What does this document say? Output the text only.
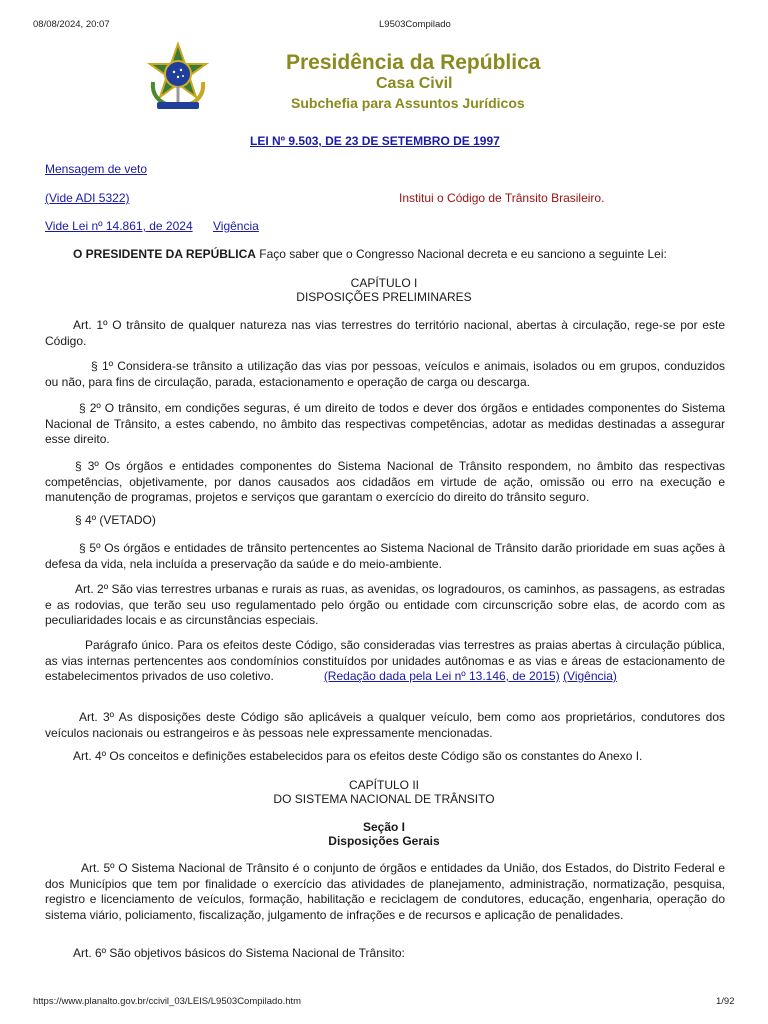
08/08/2024, 20:07	L9503Compilado
Presidência da República
Casa Civil
Subchefia para Assuntos Jurídicos
LEI Nº 9.503, DE 23 DE SETEMBRO DE 1997
Mensagem de veto
(Vide ADI 5322)	Institui o Código de Trânsito Brasileiro.
Vide Lei nº 14.861, de 2024 Vigência
O PRESIDENTE DA REPÚBLICA Faço saber que o Congresso Nacional decreta e eu sanciono a seguinte Lei:
CAPÍTULO I
DISPOSIÇÕES PRELIMINARES
Art. 1º O trânsito de qualquer natureza nas vias terrestres do território nacional, abertas à circulação, rege-se por este Código.
§ 1º Considera-se trânsito a utilização das vias por pessoas, veículos e animais, isolados ou em grupos, conduzidos ou não, para fins de circulação, parada, estacionamento e operação de carga ou descarga.
§ 2º O trânsito, em condições seguras, é um direito de todos e dever dos órgãos e entidades componentes do Sistema Nacional de Trânsito, a estes cabendo, no âmbito das respectivas competências, adotar as medidas destinadas a assegurar esse direito.
§ 3º Os órgãos e entidades componentes do Sistema Nacional de Trânsito respondem, no âmbito das respectivas competências, objetivamente, por danos causados aos cidadãos em virtude de ação, omissão ou erro na execução e manutenção de programas, projetos e serviços que garantam o exercício do direito do trânsito seguro.
§ 4º (VETADO)
§ 5º Os órgãos e entidades de trânsito pertencentes ao Sistema Nacional de Trânsito darão prioridade em suas ações à defesa da vida, nela incluída a preservação da saúde e do meio-ambiente.
Art. 2º São vias terrestres urbanas e rurais as ruas, as avenidas, os logradouros, os caminhos, as passagens, as estradas e as rodovias, que terão seu uso regulamentado pelo órgão ou entidade com circunscrição sobre elas, de acordo com as peculiaridades locais e as circunstâncias especiais.
Parágrafo único. Para os efeitos deste Código, são consideradas vias terrestres as praias abertas à circulação pública, as vias internas pertencentes aos condomínios constituídos por unidades autônomas e as vias e áreas de estacionamento de estabelecimentos privados de uso coletivo.	(Redação dada pela Lei nº 13.146, de 2015) (Vigência)
Art. 3º As disposições deste Código são aplicáveis a qualquer veículo, bem como aos proprietários, condutores dos veículos nacionais ou estrangeiros e às pessoas nele expressamente mencionadas.
Art. 4º Os conceitos e definições estabelecidos para os efeitos deste Código são os constantes do Anexo I.
CAPÍTULO II
DO SISTEMA NACIONAL DE TRÂNSITO
Seção I
Disposições Gerais
Art. 5º O Sistema Nacional de Trânsito é o conjunto de órgãos e entidades da União, dos Estados, do Distrito Federal e dos Municípios que tem por finalidade o exercício das atividades de planejamento, administração, normatização, pesquisa, registro e licenciamento de veículos, formação, habilitação e reciclagem de condutores, educação, engenharia, operação do sistema viário, policiamento, fiscalização, julgamento de infrações e de recursos e aplicação de penalidades.
Art. 6º São objetivos básicos do Sistema Nacional de Trânsito:
https://www.planalto.gov.br/ccivil_03/LEIS/L9503Compilado.htm	1/92
